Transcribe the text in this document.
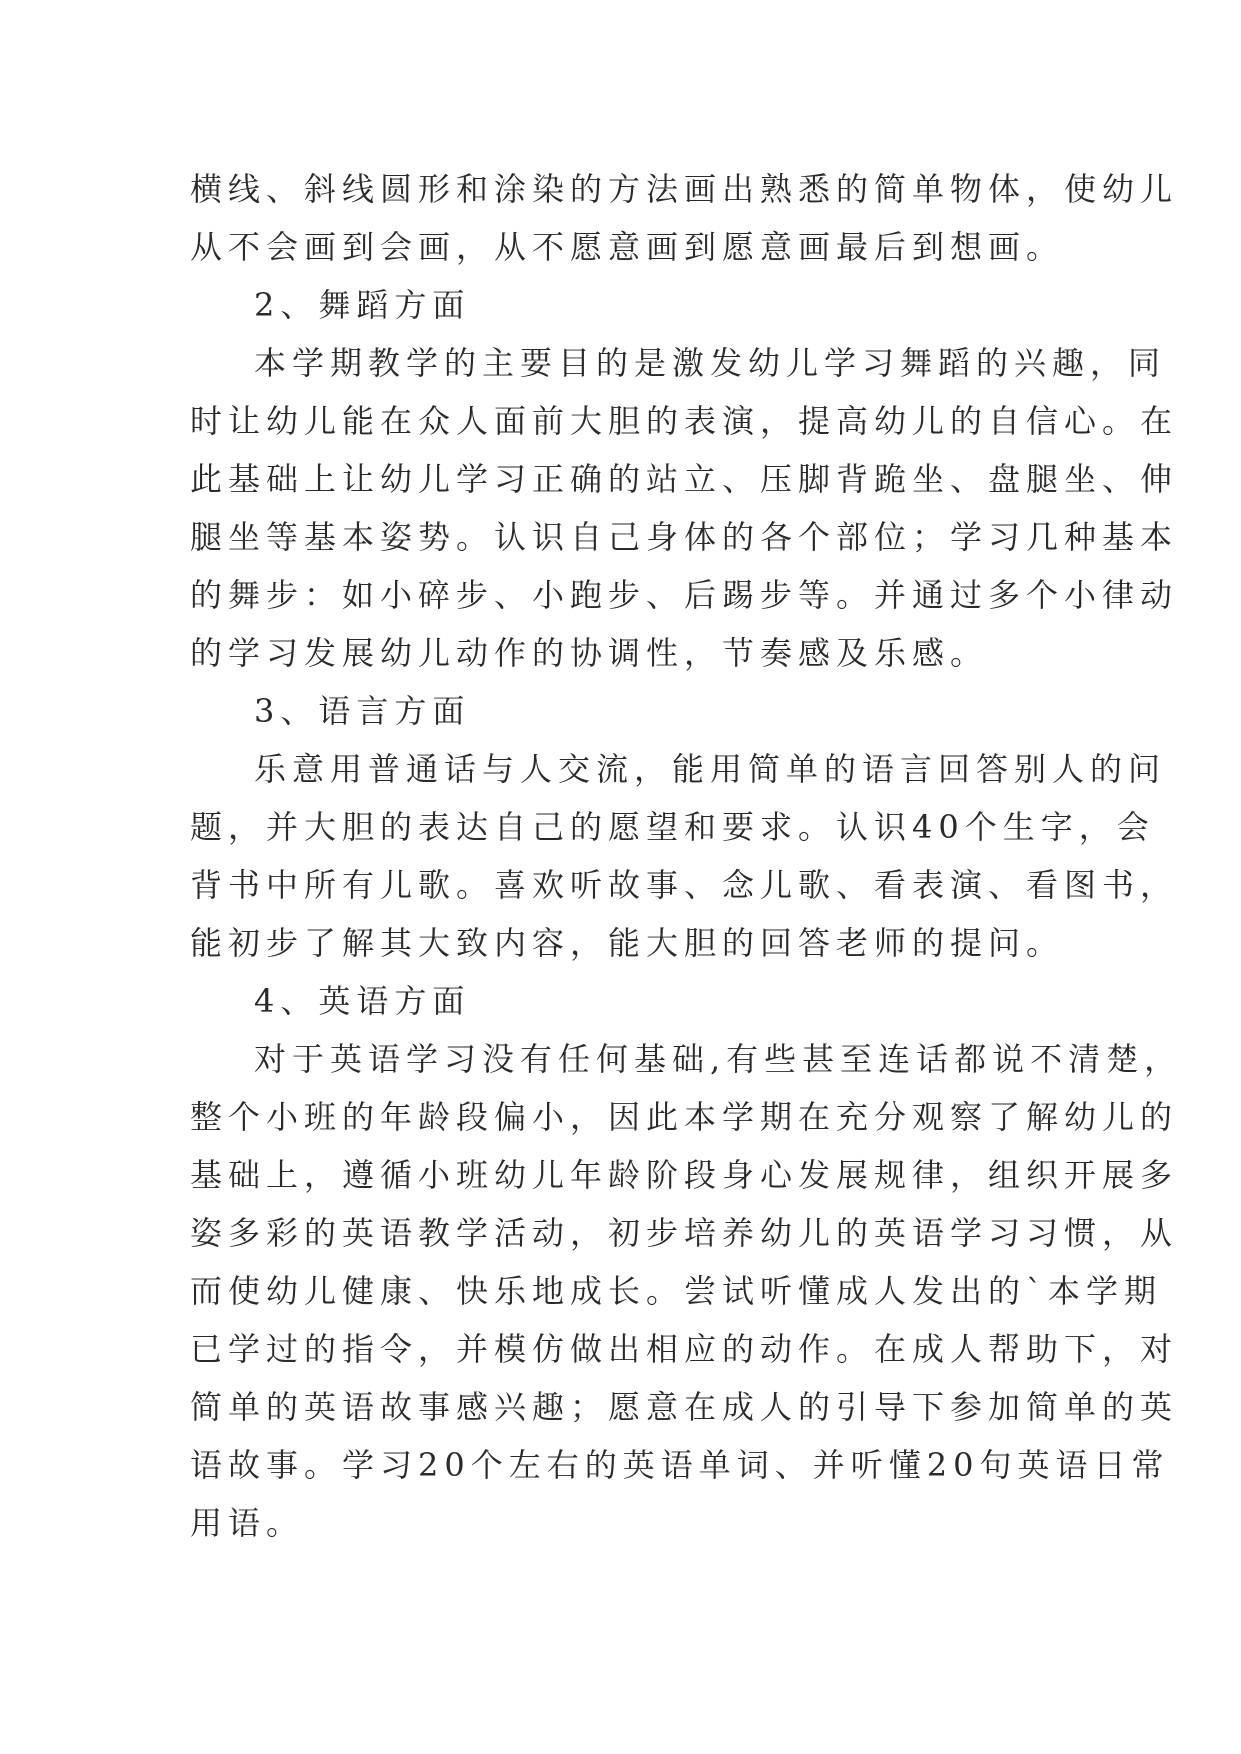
横线、斜线圆形和涂染的方法画出熟悉的简单物体，使幼儿
从不会画到会画，从不愿意画到愿意画最后到想画。
2、舞蹈方面
本学期教学的主要目的是激发幼儿学习舞蹈的兴趣，同
时让幼儿能在众人面前大胆的表演，提高幼儿的自信心。在
此基础上让幼儿学习正确的站立、压脚背跪坐、盘腿坐、伸
腿坐等基本姿势。认识自己身体的各个部位；学习几种基本
的舞步：如小碎步、小跑步、后踢步等。并通过多个小律动
的学习发展幼儿动作的协调性，节奏感及乐感。
3、语言方面
乐意用普通话与人交流，能用简单的语言回答别人的问
题，并大胆的表达自己的愿望和要求。认识40个生字，会
背书中所有儿歌。喜欢听故事、念儿歌、看表演、看图书，
能初步了解其大致内容，能大胆的回答老师的提问。
4、英语方面
对于英语学习没有任何基础,有些甚至连话都说不清楚，
整个小班的年龄段偏小，因此本学期在充分观察了解幼儿的
基础上，遵循小班幼儿年龄阶段身心发展规律，组织开展多
姿多彩的英语教学活动，初步培养幼儿的英语学习习惯，从
而使幼儿健康、快乐地成长。尝试听懂成人发出的`本学期
已学过的指令，并模仿做出相应的动作。在成人帮助下，对
简单的英语故事感兴趣；愿意在成人的引导下参加简单的英
语故事。学习20个左右的英语单词、并听懂20句英语日常
用语。
